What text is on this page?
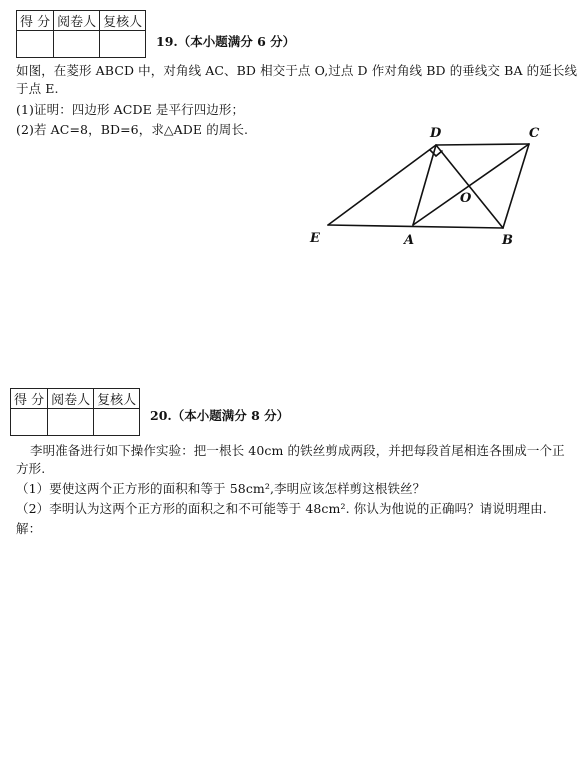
得 分	阅卷人	复核人

19.（本小题满分 6 分）
如图，在菱形 ABCD 中，对角线 AC、BD 相交于点 O,过点 D 作对角线 BD 的垂线交 BA 的延长线
于点 E.
(1)证明：四边形 ACDE 是平行四边形；
(2)若 AC=8，BD=6，求△ADE 的周长.	D	C
O
E	A	B
得 分	阅卷人	复核人

20.（本小题满分 8 分）
李明准备进行如下操作实验：把一根长 40cm 的铁丝剪成两段，并把每段首尾相连各围成一个正
方形.
（1）要使这两个正方形的面积和等于 58cm²,李明应该怎样剪这根铁丝？
（2）李明认为这两个正方形的面积之和不可能等于 48cm². 你认为他说的正确吗？请说明理由.
解：
